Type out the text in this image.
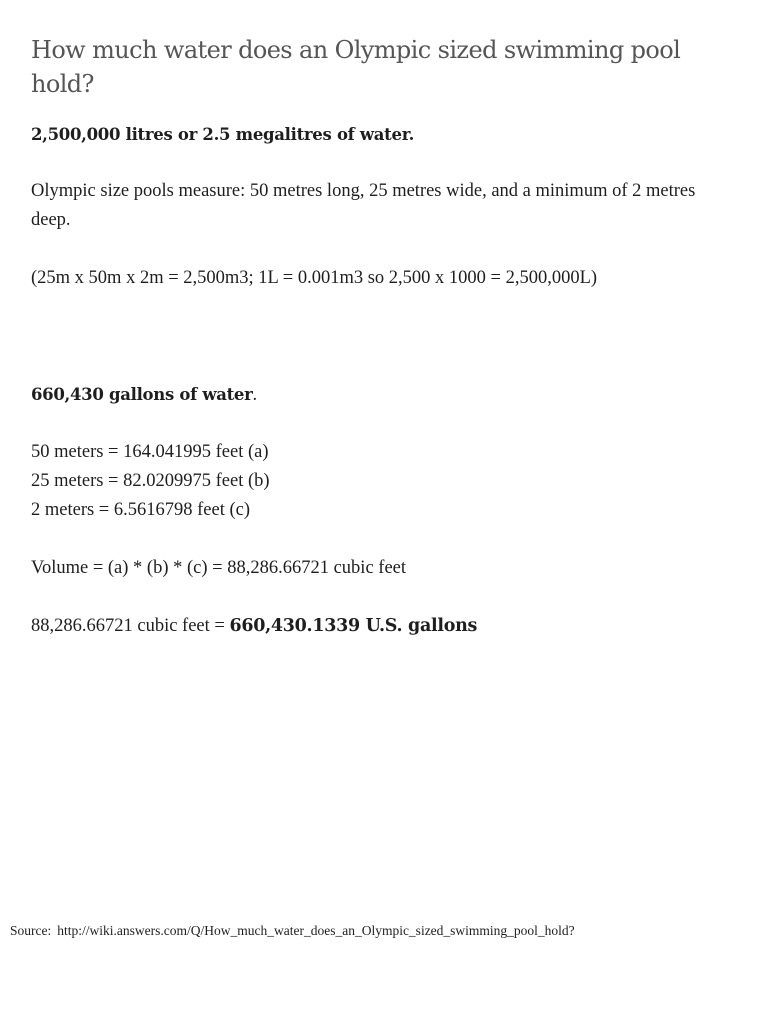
How much water does an Olympic sized swimming pool hold?

2,500,000 litres or 2.5 megalitres of water.

Olympic size pools measure: 50 metres long, 25 metres wide, and a minimum of 2 metres deep.

(25m x 50m x 2m = 2,500m3; 1L = 0.001m3 so 2,500 x 1000 = 2,500,000L)

660,430 gallons of water.

50 meters = 164.041995 feet (a)

25 meters = 82.0209975 feet (b)

2 meters = 6.5616798 feet (c)

Volume = (a) * (b) * (c) = 88,286.66721 cubic feet

88,286.66721 cubic feet = 660,430.1339 U.S. gallons

Source: http://wiki.answers.com/Q/How_much_water_does_an_Olympic_sized_swimming_pool_hold?
